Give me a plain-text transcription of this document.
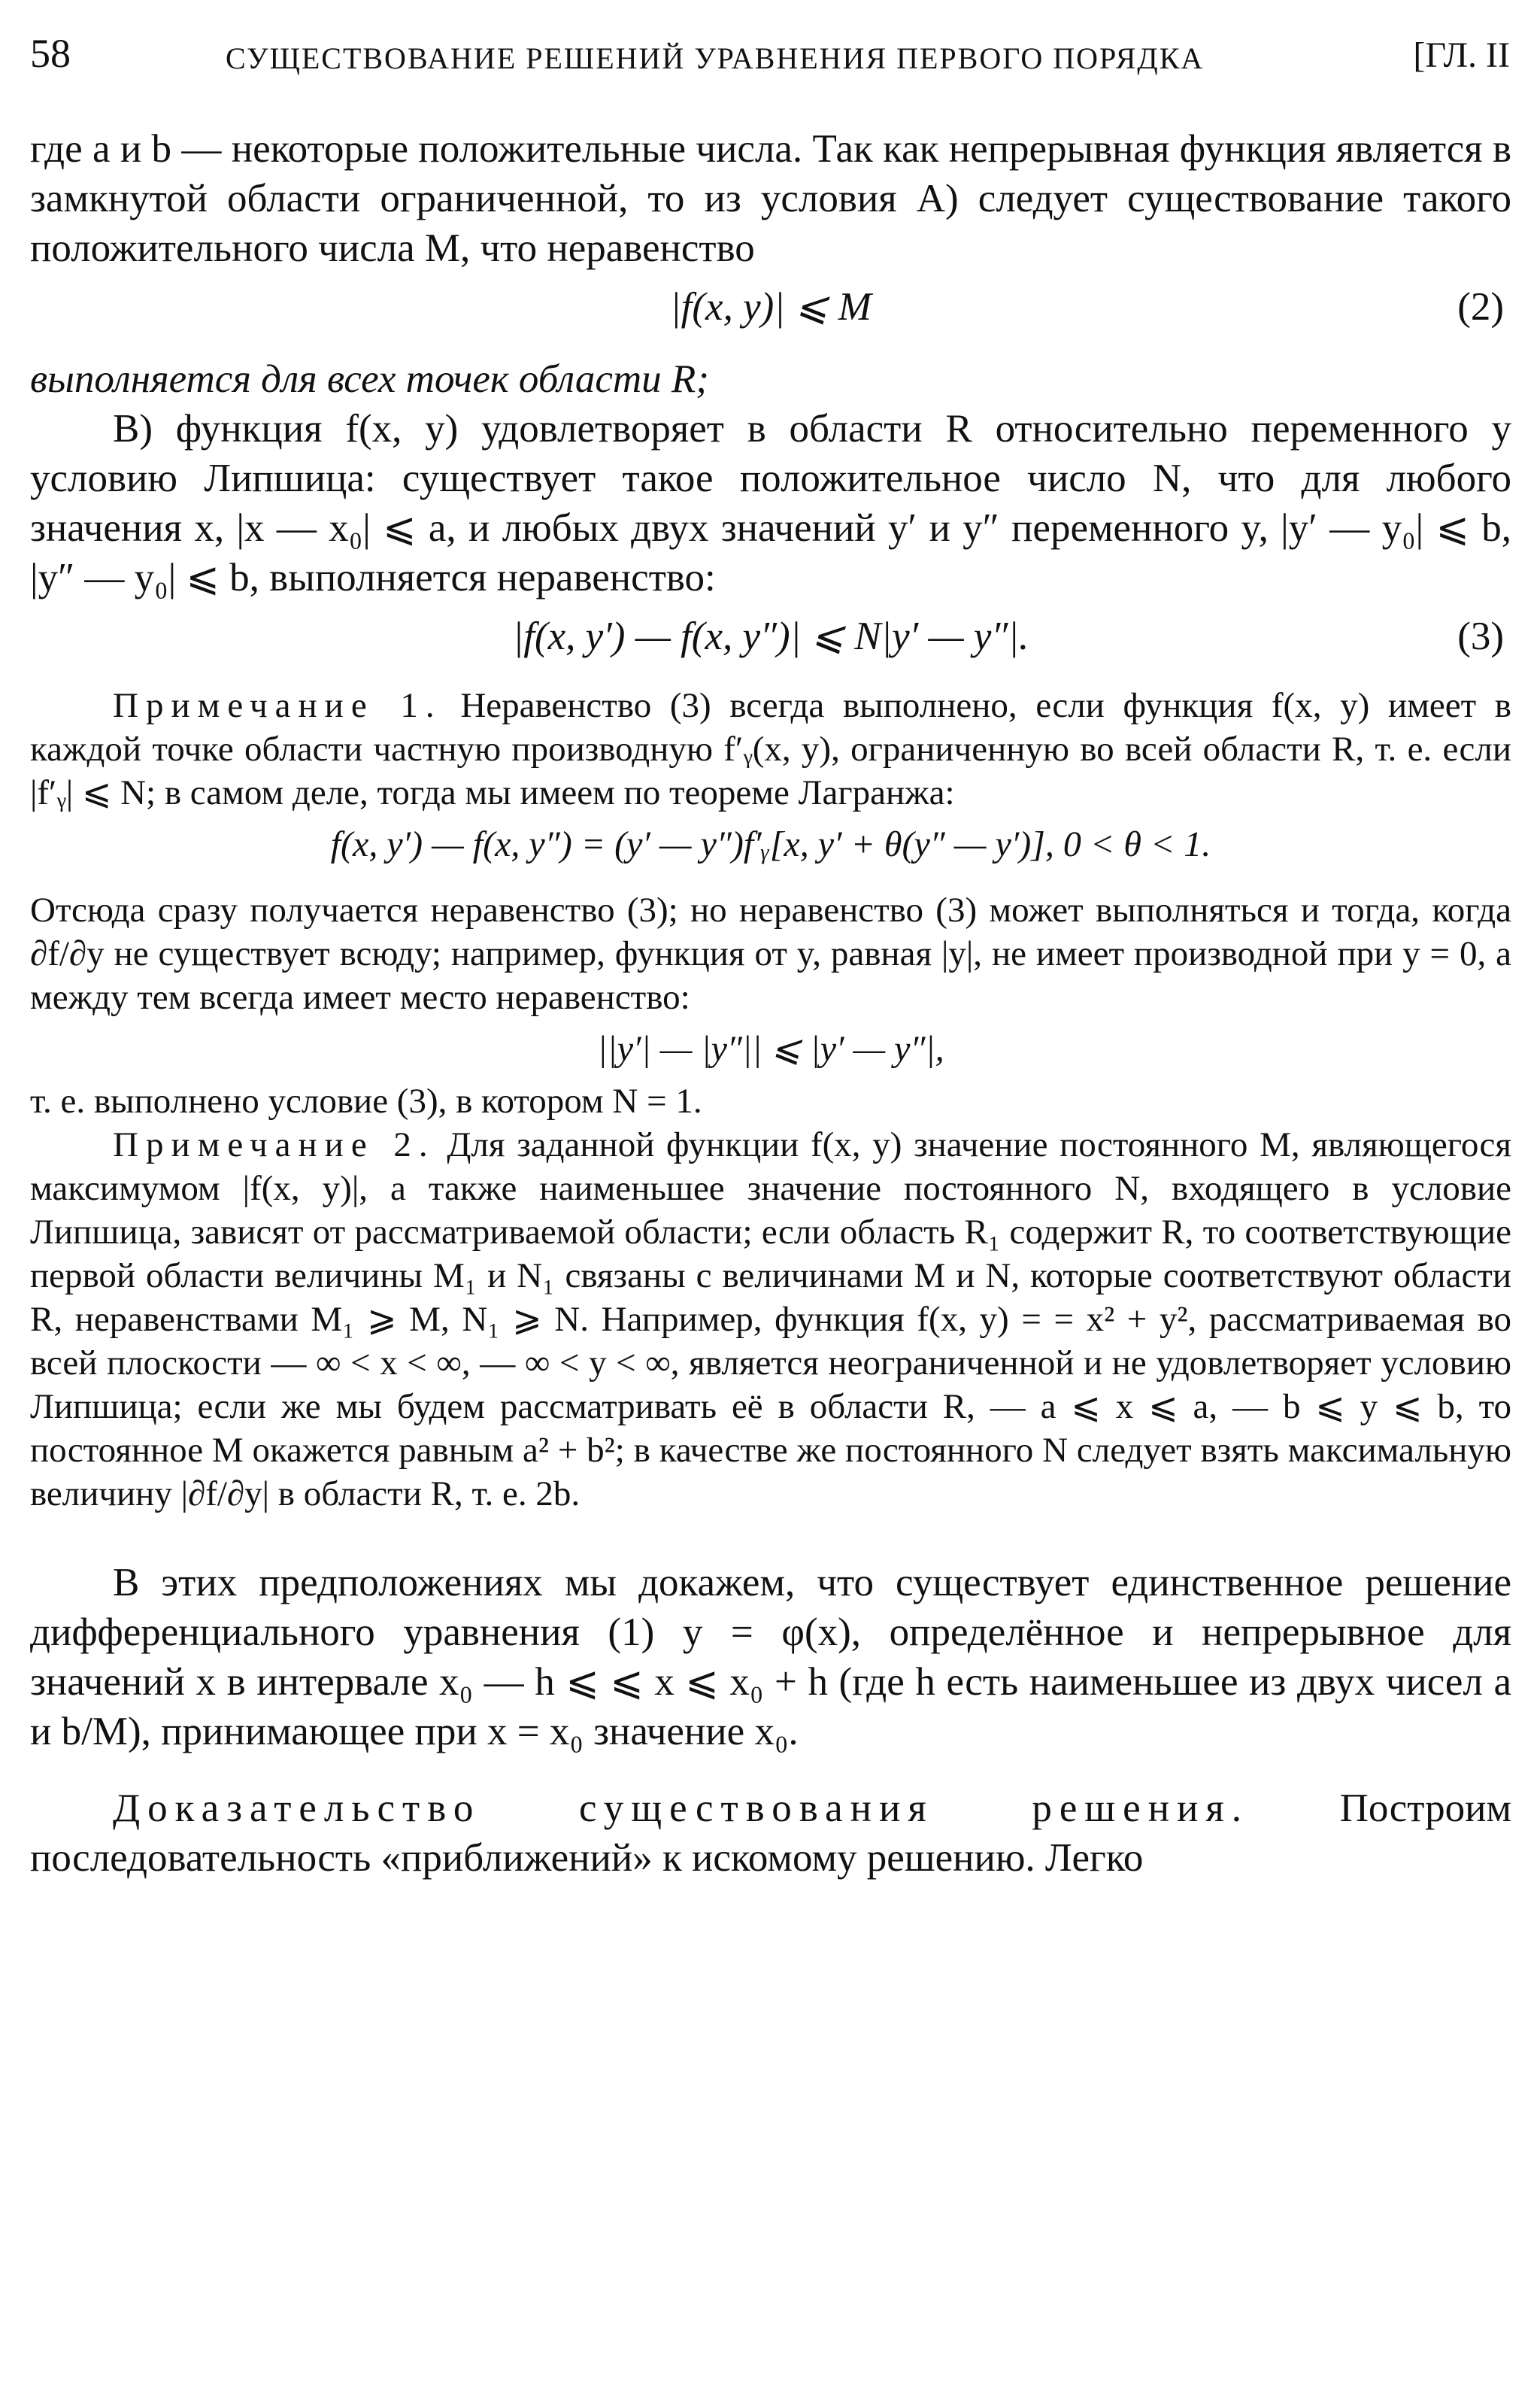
58	СУЩЕСТВОВАНИЕ РЕШЕНИЙ УРАВНЕНИЯ ПЕРВОГО ПОРЯДКА	[ГЛ. II

где a и b — некоторые положительные числа. Так как непрерывная функция является в замкнутой области ограниченной, то из условия A) следует существование такого положительного числа M, что неравенство

|f(x, y)| ⩽ M	(2)

выполняется для всех точек области R;

B) функция f(x, y) удовлетворяет в области R относительно переменного y условию Липшица: существует такое положительное число N, что для любого значения x, |x — x₀| ⩽ a, и любых двух значений y′ и y″ переменного y, |y′ — y₀| ⩽ b, |y″ — y₀| ⩽ b, выполняется неравенство:

|f(x, y′) — f(x, y″)| ⩽ N|y′ — y″|.	(3)

Примечание 1. Неравенство (3) всегда выполнено, если функция f(x, y) имеет в каждой точке области частную производную f′ᵧ(x, y), ограниченную во всей области R, т. е. если |f′ᵧ| ⩽ N; в самом деле, тогда мы имеем по теореме Лагранжа:

f(x, y′) — f(x, y″) = (y′ — y″)f′ᵧ[x, y′ + θ(y″ — y′)], 0 < θ < 1.

Отсюда сразу получается неравенство (3); но неравенство (3) может выполняться и тогда, когда ∂f/∂y не существует всюду; например, функция от y, равная |y|, не имеет производной при y = 0, а между тем всегда имеет место неравенство:

||y′| — |y″|| ⩽ |y′ — y″|,

т. е. выполнено условие (3), в котором N = 1.

Примечание 2. Для заданной функции f(x, y) значение постоянного M, являющегося максимумом |f(x, y)|, а также наименьшее значение постоянного N, входящего в условие Липшица, зависят от рассматриваемой области; если область R₁ содержит R, то соответствующие первой области величины M₁ и N₁ связаны с величинами M и N, которые соответствуют области R, неравенствами M₁ ⩾ M, N₁ ⩾ N. Например, функция f(x, y) = = x² + y², рассматриваемая во всей плоскости — ∞ < x < ∞, — ∞ < y < ∞, является неограниченной и не удовлетворяет условию Липшица; если же мы будем рассматривать её в области R, — a ⩽ x ⩽ a, — b ⩽ y ⩽ b, то постоянное M окажется равным a² + b²; в качестве же постоянного N следует взять максимальную величину |∂f/∂y| в области R, т. е. 2b.

В этих предположениях мы докажем, что существует единственное решение дифференциального уравнения (1) y = φ(x), определённое и непрерывное для значений x в интервале x₀ — h ⩽ ⩽ x ⩽ x₀ + h (где h есть наименьшее из двух чисел a и b/M), принимающее при x = x₀ значение x₀.

Доказательство существования решения. Построим последовательность «приближений» к искомому решению. Легко
